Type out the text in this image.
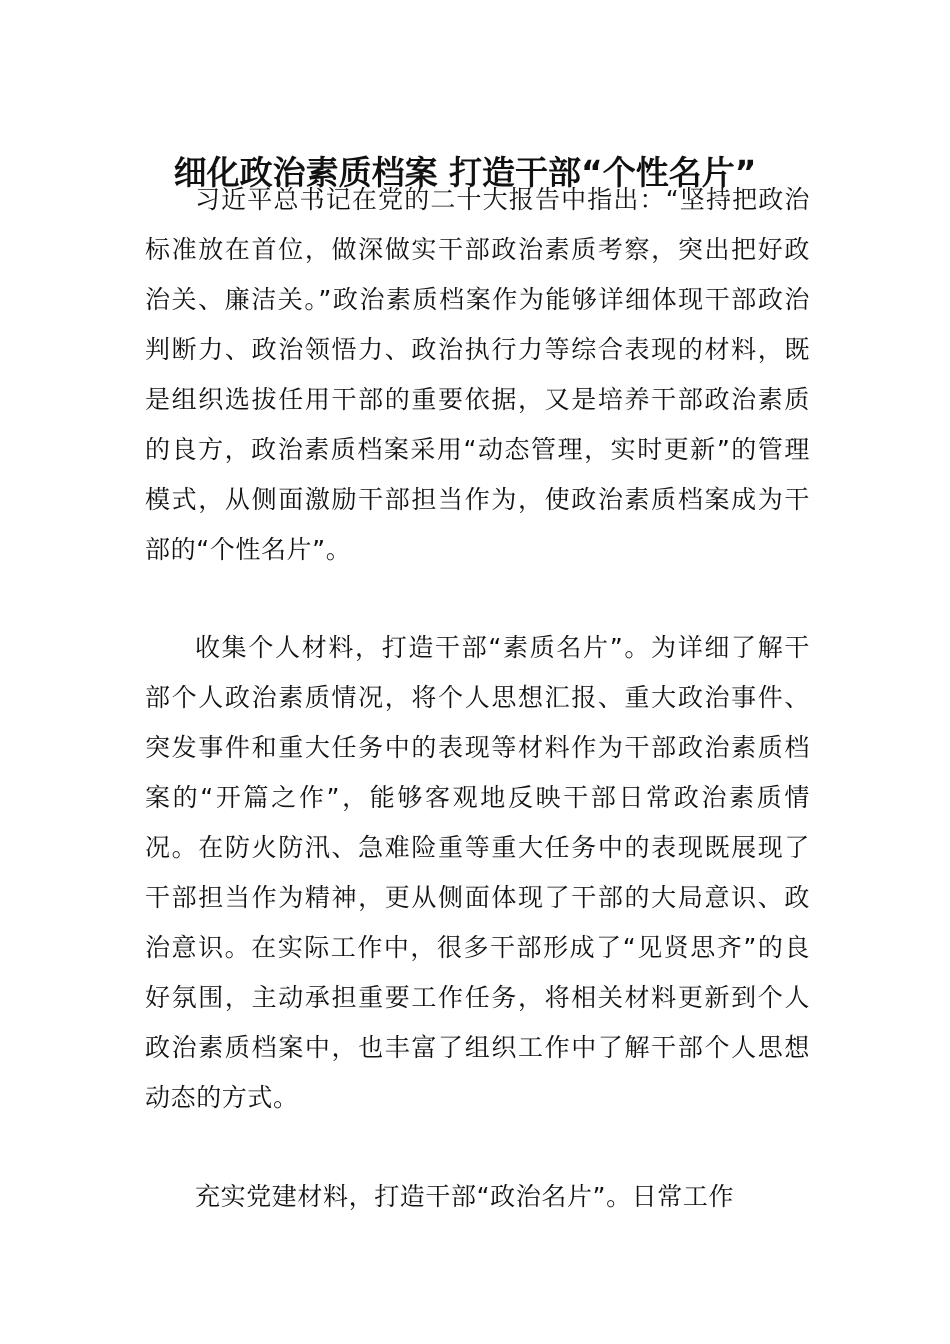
细化政治素质档案 打造干部“个性名片”

习近平总书记在党的二十大报告中指出：“坚持把政治标准放在首位，做深做实干部政治素质考察，突出把好政治关、廉洁关。”政治素质档案作为能够详细体现干部政治判断力、政治领悟力、政治执行力等综合表现的材料，既是组织选拔任用干部的重要依据，又是培养干部政治素质的良方，政治素质档案采用“动态管理，实时更新”的管理模式，从侧面激励干部担当作为，使政治素质档案成为干部的“个性名片”。

收集个人材料，打造干部“素质名片”。为详细了解干部个人政治素质情况，将个人思想汇报、重大政治事件、突发事件和重大任务中的表现等材料作为干部政治素质档案的“开篇之作”，能够客观地反映干部日常政治素质情况。在防火防汛、急难险重等重大任务中的表现既展现了干部担当作为精神，更从侧面体现了干部的大局意识、政治意识。在实际工作中，很多干部形成了“见贤思齐”的良好氛围，主动承担重要工作任务，将相关材料更新到个人政治素质档案中，也丰富了组织工作中了解干部个人思想动态的方式。

充实党建材料，打造干部“政治名片”。日常工作
